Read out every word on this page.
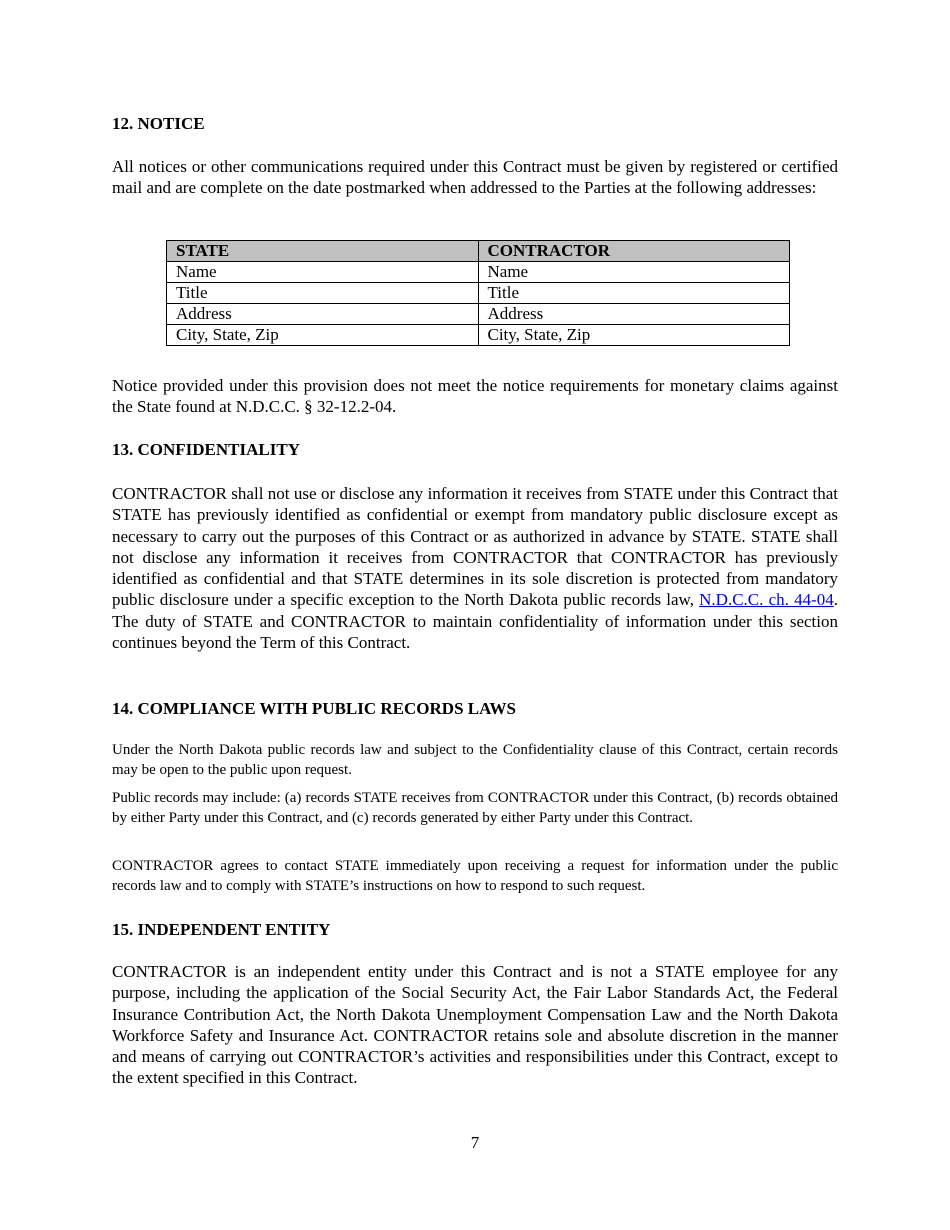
12. NOTICE
All notices or other communications required under this Contract must be given by registered or certified mail and are complete on the date postmarked when addressed to the Parties at the following addresses:
STATE	CONTRACTOR
Name	Name
Title	Title
Address	Address
City, State, Zip	City, State, Zip
Notice provided under this provision does not meet the notice requirements for monetary claims against the State found at N.D.C.C. § 32-12.2-04.
13. CONFIDENTIALITY
CONTRACTOR shall not use or disclose any information it receives from STATE under this Contract that STATE has previously identified as confidential or exempt from mandatory public disclosure except as necessary to carry out the purposes of this Contract or as authorized in advance by STATE. STATE shall not disclose any information it receives from CONTRACTOR that CONTRACTOR has previously identified as confidential and that STATE determines in its sole discretion is protected from mandatory public disclosure under a specific exception to the North Dakota public records law, N.D.C.C. ch. 44-04. The duty of STATE and CONTRACTOR to maintain confidentiality of information under this section continues beyond the Term of this Contract.
14. COMPLIANCE WITH PUBLIC RECORDS LAWS
Under the North Dakota public records law and subject to the Confidentiality clause of this Contract, certain records may be open to the public upon request.
Public records may include: (a) records STATE receives from CONTRACTOR under this Contract, (b) records obtained by either Party under this Contract, and (c) records generated by either Party under this Contract.
CONTRACTOR agrees to contact STATE immediately upon receiving a request for information under the public records law and to comply with STATE’s instructions on how to respond to such request.
15. INDEPENDENT ENTITY
CONTRACTOR is an independent entity under this Contract and is not a STATE employee for any purpose, including the application of the Social Security Act, the Fair Labor Standards Act, the Federal Insurance Contribution Act, the North Dakota Unemployment Compensation Law and the North Dakota Workforce Safety and Insurance Act. CONTRACTOR retains sole and absolute discretion in the manner and means of carrying out CONTRACTOR’s activities and responsibilities under this Contract, except to the extent specified in this Contract.
7
